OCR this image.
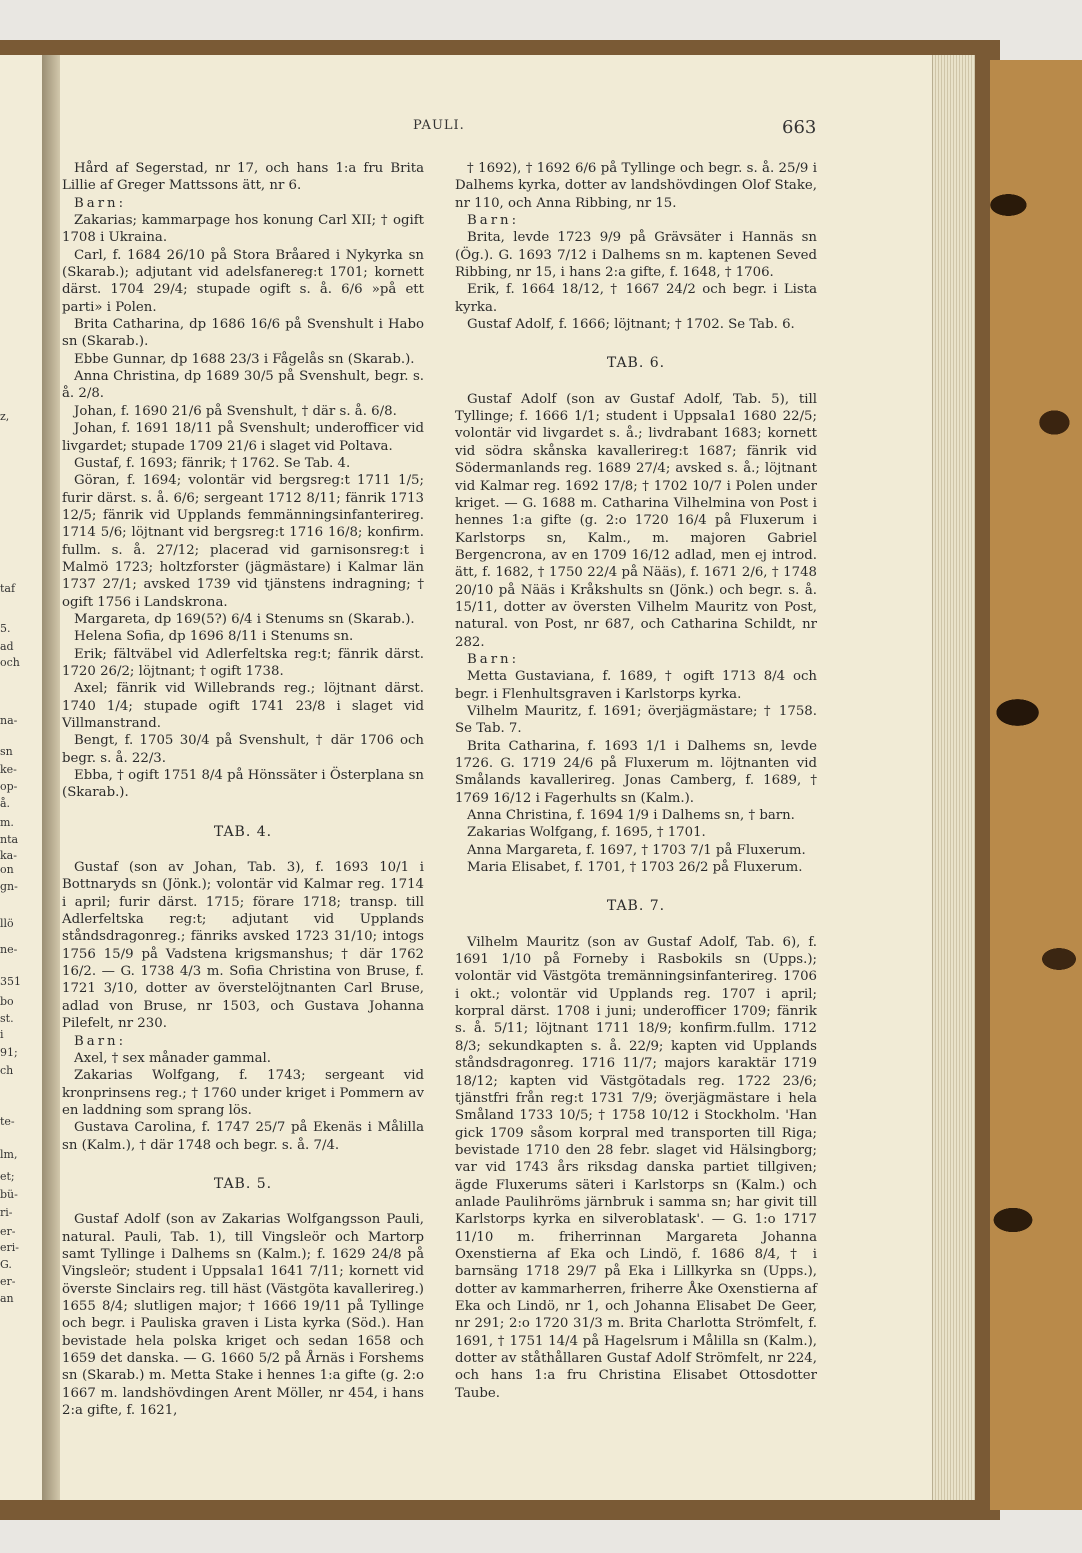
z,
taf
5.
ad
och
na-
sn
ke-
op-
å.
m.
nta
ka-
on
gn-
llö
ne-
351
bo
st.
i
91;
ch
te-
lm,
et;
bü-
ri-
er-
eri-
G.
er-
an
PAULI.	663

Hård af Segerstad, nr 17, och hans 1:a fru Brita Lillie af Greger Mattssons ätt, nr 6.

Barn:

Zakarias; kammarpage hos konung Carl XII; † ogift 1708 i Ukraina.

Carl, f. 1684 26/10 på Stora Bråared i Nykyrka sn (Skarab.); adjutant vid adelsfanereg:t 1701; kornett därst. 1704 29/4; stupade ogift s. å. 6/6 »på ett parti» i Polen.

Brita Catharina, dp 1686 16/6 på Svenshult i Habo sn (Skarab.).

Ebbe Gunnar, dp 1688 23/3 i Fågelås sn (Skarab.).

Anna Christina, dp 1689 30/5 på Svenshult, begr. s. å. 2/8.

Johan, f. 1690 21/6 på Svenshult, † där s. å. 6/8.

Johan, f. 1691 18/11 på Svenshult; underofficer vid livgardet; stupade 1709 21/6 i slaget vid Poltava.

Gustaf, f. 1693; fänrik; † 1762. Se Tab. 4.

Göran, f. 1694; volontär vid bergsreg:t 1711 1/5; furir därst. s. å. 6/6; sergeant 1712 8/11; fänrik 1713 12/5; fänrik vid Upplands femmänningsinfanterireg. 1714 5/6; löjtnant vid bergsreg:t 1716 16/8; konfirm. fullm. s. å. 27/12; placerad vid garnisonsreg:t i Malmö 1723; holtzforster (jägmästare) i Kalmar län 1737 27/1; avsked 1739 vid tjänstens indragning; † ogift 1756 i Landskrona.

Margareta, dp 169(5?) 6/4 i Stenums sn (Skarab.).

Helena Sofia, dp 1696 8/11 i Stenums sn.

Erik; fältväbel vid Adlerfeltska reg:t; fänrik därst. 1720 26/2; löjtnant; † ogift 1738.

Axel; fänrik vid Willebrands reg.; löjtnant därst. 1740 1/4; stupade ogift 1741 23/8 i slaget vid Villmanstrand.

Bengt, f. 1705 30/4 på Svenshult, † där 1706 och begr. s. å. 22/3.

Ebba, † ogift 1751 8/4 på Hönssäter i Österplana sn (Skarab.).

TAB. 4.

Gustaf (son av Johan, Tab. 3), f. 1693 10/1 i Bottnaryds sn (Jönk.); volontär vid Kalmar reg. 1714 i april; furir därst. 1715; förare 1718; transp. till Adlerfeltska reg:t; adjutant vid Upplands ståndsdragonreg.; fänriks avsked 1723 31/10; intogs 1756 15/9 på Vadstena krigsmanshus; † där 1762 16/2. — G. 1738 4/3 m. Sofia Christina von Bruse, f. 1721 3/10, dotter av överstelöjtnanten Carl Bruse, adlad von Bruse, nr 1503, och Gustava Johanna Pilefelt, nr 230.

Barn:

Axel, † sex månader gammal.

Zakarias Wolfgang, f. 1743; sergeant vid kronprinsens reg.; † 1760 under kriget i Pommern av en laddning som sprang lös.

Gustava Carolina, f. 1747 25/7 på Ekenäs i Målilla sn (Kalm.), † där 1748 och begr. s. å. 7/4.

TAB. 5.

Gustaf Adolf (son av Zakarias Wolfgangsson Pauli, natural. Pauli, Tab. 1), till Vingsleör och Martorp samt Tyllinge i Dalhems sn (Kalm.); f. 1629 24/8 på Vingsleör; student i Uppsala1 1641 7/11; kornett vid överste Sinclairs reg. till häst (Västgöta kavallerireg.) 1655 8/4; slutligen major; † 1666 19/11 på Tyllinge och begr. i Pauliska graven i Lista kyrka (Söd.). Han bevistade hela polska kriget och sedan 1658 och 1659 det danska. — G. 1660 5/2 på Årnäs i Forshems sn (Skarab.) m. Metta Stake i hennes 1:a gifte (g. 2:o 1667 m. landshövdingen Arent Möller, nr 454, i hans 2:a gifte, f. 1621,

† 1692), † 1692 6/6 på Tyllinge och begr. s. å. 25/9 i Dalhems kyrka, dotter av landshövdingen Olof Stake, nr 110, och Anna Ribbing, nr 15.

Barn:

Brita, levde 1723 9/9 på Grävsäter i Hannäs sn (Ög.). G. 1693 7/12 i Dalhems sn m. kaptenen Seved Ribbing, nr 15, i hans 2:a gifte, f. 1648, † 1706.

Erik, f. 1664 18/12, † 1667 24/2 och begr. i Lista kyrka.

Gustaf Adolf, f. 1666; löjtnant; † 1702. Se Tab. 6.

TAB. 6.

Gustaf Adolf (son av Gustaf Adolf, Tab. 5), till Tyllinge; f. 1666 1/1; student i Uppsala1 1680 22/5; volontär vid livgardet s. å.; livdrabant 1683; kornett vid södra skånska kavallerireg:t 1687; fänrik vid Södermanlands reg. 1689 27/4; avsked s. å.; löjtnant vid Kalmar reg. 1692 17/8; † 1702 10/7 i Polen under kriget. — G. 1688 m. Catharina Vilhelmina von Post i hennes 1:a gifte (g. 2:o 1720 16/4 på Fluxerum i Karlstorps sn, Kalm., m. majoren Gabriel Bergencrona, av en 1709 16/12 adlad, men ej introd. ätt, f. 1682, † 1750 22/4 på Nääs), f. 1671 2/6, † 1748 20/10 på Nääs i Kråkshults sn (Jönk.) och begr. s. å. 15/11, dotter av översten Vilhelm Mauritz von Post, natural. von Post, nr 687, och Catharina Schildt, nr 282.

Barn:

Metta Gustaviana, f. 1689, † ogift 1713 8/4 och begr. i Flenhultsgraven i Karlstorps kyrka.

Vilhelm Mauritz, f. 1691; överjägmästare; † 1758. Se Tab. 7.

Brita Catharina, f. 1693 1/1 i Dalhems sn, levde 1726. G. 1719 24/6 på Fluxerum m. löjtnanten vid Smålands kavallerireg. Jonas Camberg, f. 1689, † 1769 16/12 i Fagerhults sn (Kalm.).

Anna Christina, f. 1694 1/9 i Dalhems sn, † barn.

Zakarias Wolfgang, f. 1695, † 1701.

Anna Margareta, f. 1697, † 1703 7/1 på Fluxerum.

Maria Elisabet, f. 1701, † 1703 26/2 på Fluxerum.

TAB. 7.

Vilhelm Mauritz (son av Gustaf Adolf, Tab. 6), f. 1691 1/10 på Forneby i Rasbokils sn (Upps.); volontär vid Västgöta tremänningsinfanterireg. 1706 i okt.; volontär vid Upplands reg. 1707 i april; korpral därst. 1708 i juni; underofficer 1709; fänrik s. å. 5/11; löjtnant 1711 18/9; konfirm.fullm. 1712 8/3; sekundkapten s. å. 22/9; kapten vid Upplands ståndsdragonreg. 1716 11/7; majors karaktär 1719 18/12; kapten vid Västgötadals reg. 1722 23/6; tjänstfri från reg:t 1731 7/9; överjägmästare i hela Småland 1733 10/5; † 1758 10/12 i Stockholm. 'Han gick 1709 såsom korpral med transporten till Riga; bevistade 1710 den 28 febr. slaget vid Hälsingborg; var vid 1743 års riksdag danska partiet tillgiven; ägde Fluxerums säteri i Karlstorps sn (Kalm.) och anlade Paulihröms järnbruk i samma sn; har givit till Karlstorps kyrka en silveroblatask'. — G. 1:o 1717 11/10 m. friherrinnan Margareta Johanna Oxenstierna af Eka och Lindö, f. 1686 8/4, † i barnsäng 1718 29/7 på Eka i Lillkyrka sn (Upps.), dotter av kammarherren, friherre Åke Oxenstierna af Eka och Lindö, nr 1, och Johanna Elisabet De Geer, nr 291; 2:o 1720 31/3 m. Brita Charlotta Strömfelt, f. 1691, † 1751 14/4 på Hagelsrum i Målilla sn (Kalm.), dotter av ståthållaren Gustaf Adolf Strömfelt, nr 224, och hans 1:a fru Christina Elisabet Ottosdotter Taube.
